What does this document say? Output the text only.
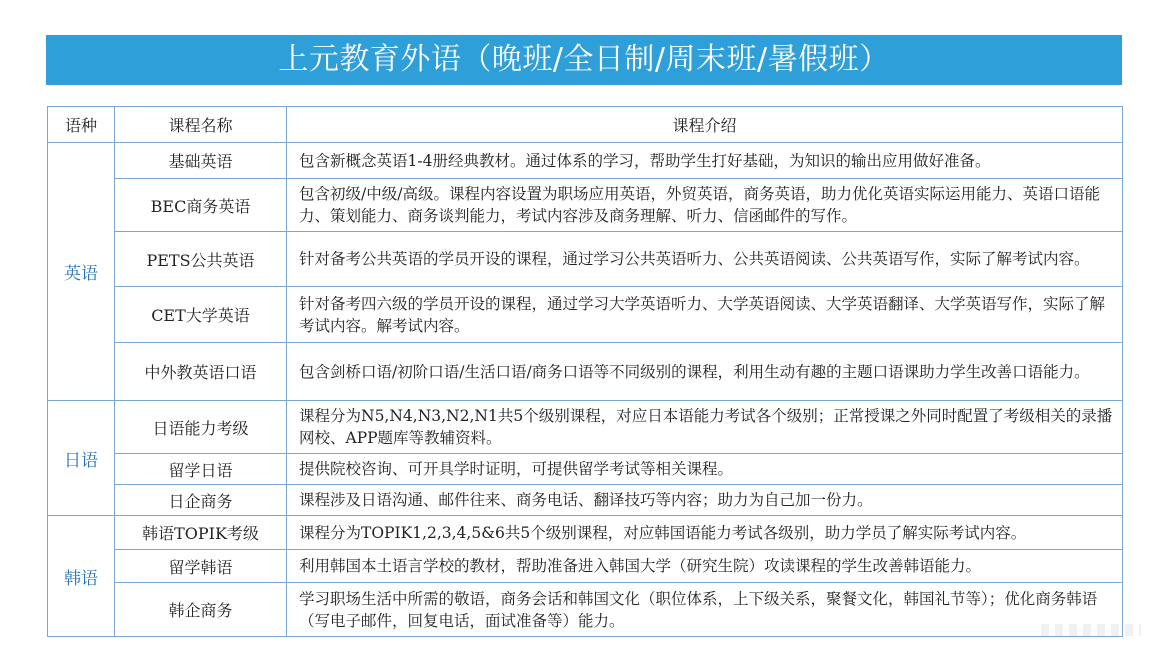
上元教育外语（晚班/全日制/周末班/暑假班）
语种	课程名称	课程介绍
英语	基础英语	包含新概念英语1-4册经典教材。通过体系的学习，帮助学生打好基础，为知识的输出应用做好准备。
	BEC商务英语	包含初级/中级/高级。课程内容设置为职场应用英语，外贸英语，商务英语，助力优化英语实际运用能力、英语口语能力、策划能力、商务谈判能力，考试内容涉及商务理解、听力、信函邮件的写作。
	PETS公共英语	针对备考公共英语的学员开设的课程，通过学习公共英语听力、公共英语阅读、公共英语写作，实际了解考试内容。
	CET大学英语	针对备考四六级的学员开设的课程，通过学习大学英语听力、大学英语阅读、大学英语翻译、大学英语写作，实际了解考试内容。解考试内容。
	中外教英语口语	包含剑桥口语/初阶口语/生活口语/商务口语等不同级别的课程，利用生动有趣的主题口语课助力学生改善口语能力。
日语	日语能力考级	课程分为N5,N4,N3,N2,N1共5个级别课程，对应日本语能力考试各个级别；正常授课之外同时配置了考级相关的录播网校、APP题库等教辅资料。
	留学日语	提供院校咨询、可开具学时证明，可提供留学考试等相关课程。
	日企商务	课程涉及日语沟通、邮件往来、商务电话、翻译技巧等内容；助力为自己加一份力。
韩语	韩语TOPIK考级	课程分为TOPIK1,2,3,4,5&6共5个级别课程，对应韩国语能力考试各级别，助力学员了解实际考试内容。
	留学韩语	利用韩国本土语言学校的教材，帮助准备进入韩国大学（研究生院）攻读课程的学生改善韩语能力。
	韩企商务	学习职场生活中所需的敬语，商务会话和韩国文化（职位体系，上下级关系，聚餐文化，韩国礼节等）；优化商务韩语（写电子邮件，回复电话，面试准备等）能力。
